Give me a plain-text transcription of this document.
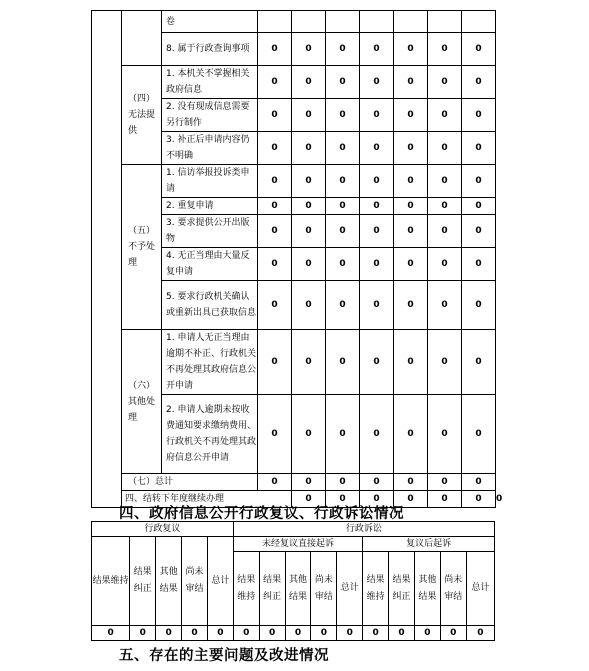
		卷								
		8. 属于行政查询事项	0	0	0	0	0	0	0	
	（四）无法提供	1. 本机关不掌握相关政府信息	0	0	0	0	0	0	0	
		2. 没有现成信息需要另行制作	0	0	0	0	0	0	0	
		3. 补正后申请内容仍不明确	0	0	0	0	0	0	0	
	（五）不予处理	1. 信访举报投诉类申请	0	0	0	0	0	0	0	
		2. 重复申请	0	0	0	0	0	0	0	
		3. 要求提供公开出版物	0	0	0	0	0	0	0	
		4. 无正当理由大量反复申请	0	0	0	0	0	0	0	
		5. 要求行政机关确认或重新出具已获取信息	0	0	0	0	0	0	0	
	（六）其他处理	1. 申请人无正当理由逾期不补正、行政机关不再处理其政府信息公开申请	0	0	0	0	0	0	0	
		2. 申请人逾期未按收费通知要求缴纳费用、行政机关不再处理其政府信息公开申请	0	0	0	0	0	0	0	
	（七）总计		0	0	0	0	0	0	0	
	四、结转下年度继续办理			0	0	0	0	0	0	0
四、政府信息公开行政复议、行政诉讼情况
行政复议					行政诉讼									
结果维持	结果纠正	其他结果	尚未审结	总计	未经复议直接起诉					复议后起诉				
					结果维持	结果纠正	其他结果	尚未审结	总计	结果维持	结果纠正	其他结果	尚未审结	总计
0	0	0	0	0	0	0	0	0	0	0	0	0	0	0
五、存在的主要问题及改进情况
